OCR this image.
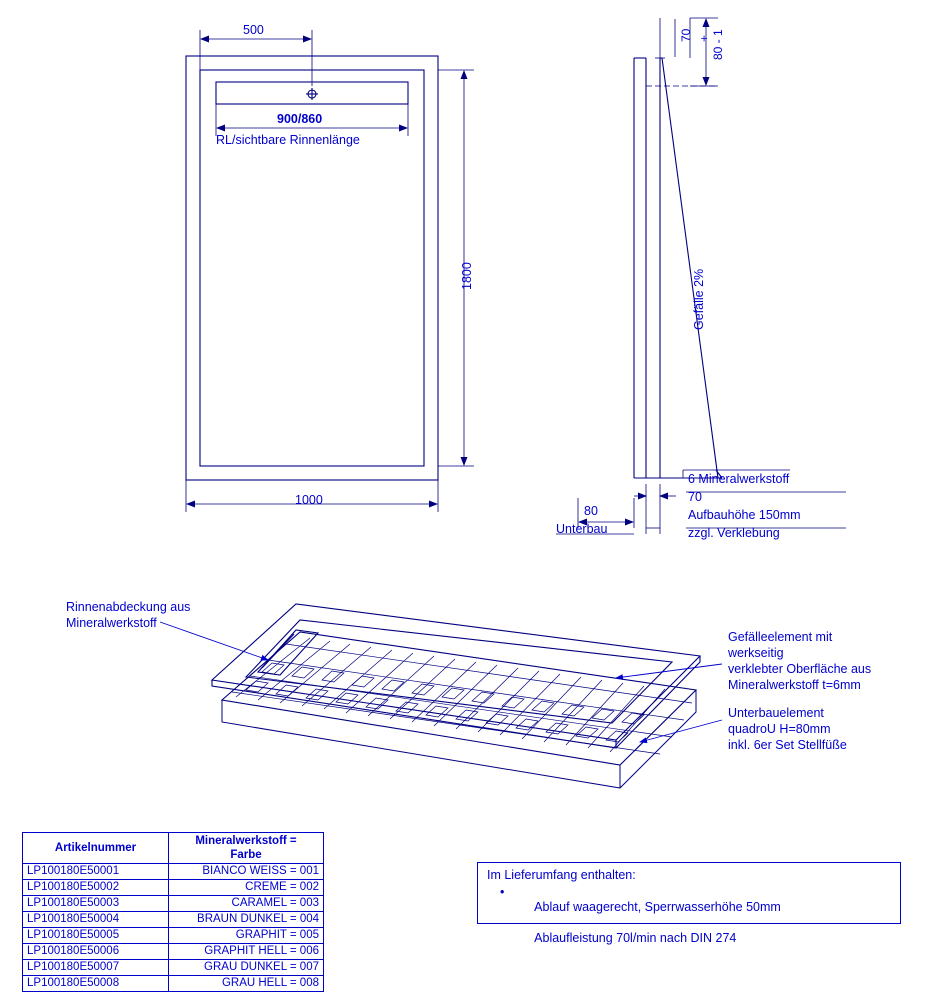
500
900/860
RL/sichtbare Rinnenlänge
1800
1000
70 + 80 - 1
Gefälle 2%
6 Mineralwerkstoff
70
Aufbauhöhe 150mm
zzgl. Verklebung
80
Unterbau
Rinnenabdeckung aus
Mineralwerkstoff
Gefälleelement mit
werkseitig
verklebter Oberfläche aus
Mineralwerkstoff t=6mm
Unterbauelement
quadroU H=80mm
inkl. 6er Set Stellfüße
Artikelnummer	Mineralwerkstoff =
Farbe
LP100180E50001	BIANCO WEISS = 001
LP100180E50002	CREME = 002
LP100180E50003	CARAMEL = 003
LP100180E50004	BRAUN DUNKEL = 004
LP100180E50005	GRAPHIT = 005
LP100180E50006	GRAPHIT HELL = 006
LP100180E50007	GRAU DUNKEL = 007
LP100180E50008	GRAU HELL = 008
Im Lieferumfang enthalten:
•

Ablauf waagerecht, Sperrwasserhöhe 50mm

Ablaufleistung 70l/min nach DIN 274
